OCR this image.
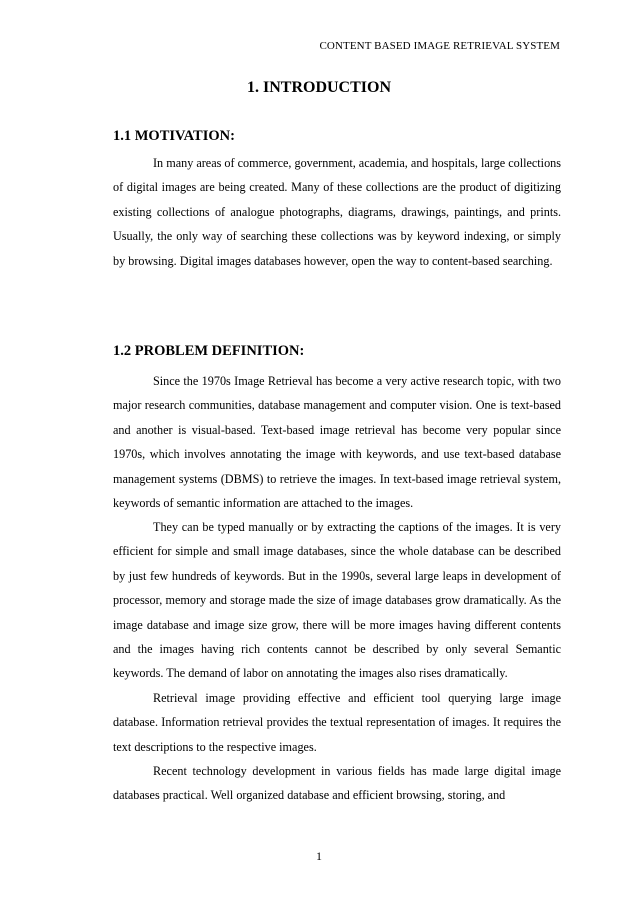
CONTENT BASED IMAGE RETRIEVAL SYSTEM
1. INTRODUCTION
1.1 MOTIVATION:
In many areas of commerce, government, academia, and hospitals, large collections of digital images are being created. Many of these collections are the product of digitizing existing collections of analogue photographs, diagrams, drawings, paintings, and prints. Usually, the only way of searching these collections was by keyword indexing, or simply by browsing. Digital images databases however, open the way to content-based searching.
1.2 PROBLEM DEFINITION:
Since the 1970s Image Retrieval has become a very active research topic, with two major research communities, database management and computer vision. One is text-based and another is visual-based. Text-based image retrieval has become very popular since 1970s, which involves annotating the image with keywords, and use text-based database management systems (DBMS) to retrieve the images. In text-based image retrieval system, keywords of semantic information are attached to the images.
They can be typed manually or by extracting the captions of the images. It is very efficient for simple and small image databases, since the whole database can be described by just few hundreds of keywords. But in the 1990s, several large leaps in development of processor, memory and storage made the size of image databases grow dramatically. As the image database and image size grow, there will be more images having different contents and the images having rich contents cannot be described by only several Semantic keywords. The demand of labor on annotating the images also rises dramatically.
Retrieval image providing effective and efficient tool querying large image database. Information retrieval provides the textual representation of images. It requires the text descriptions to the respective images.
Recent technology development in various fields has made large digital image databases practical. Well organized database and efficient browsing, storing, and
1
